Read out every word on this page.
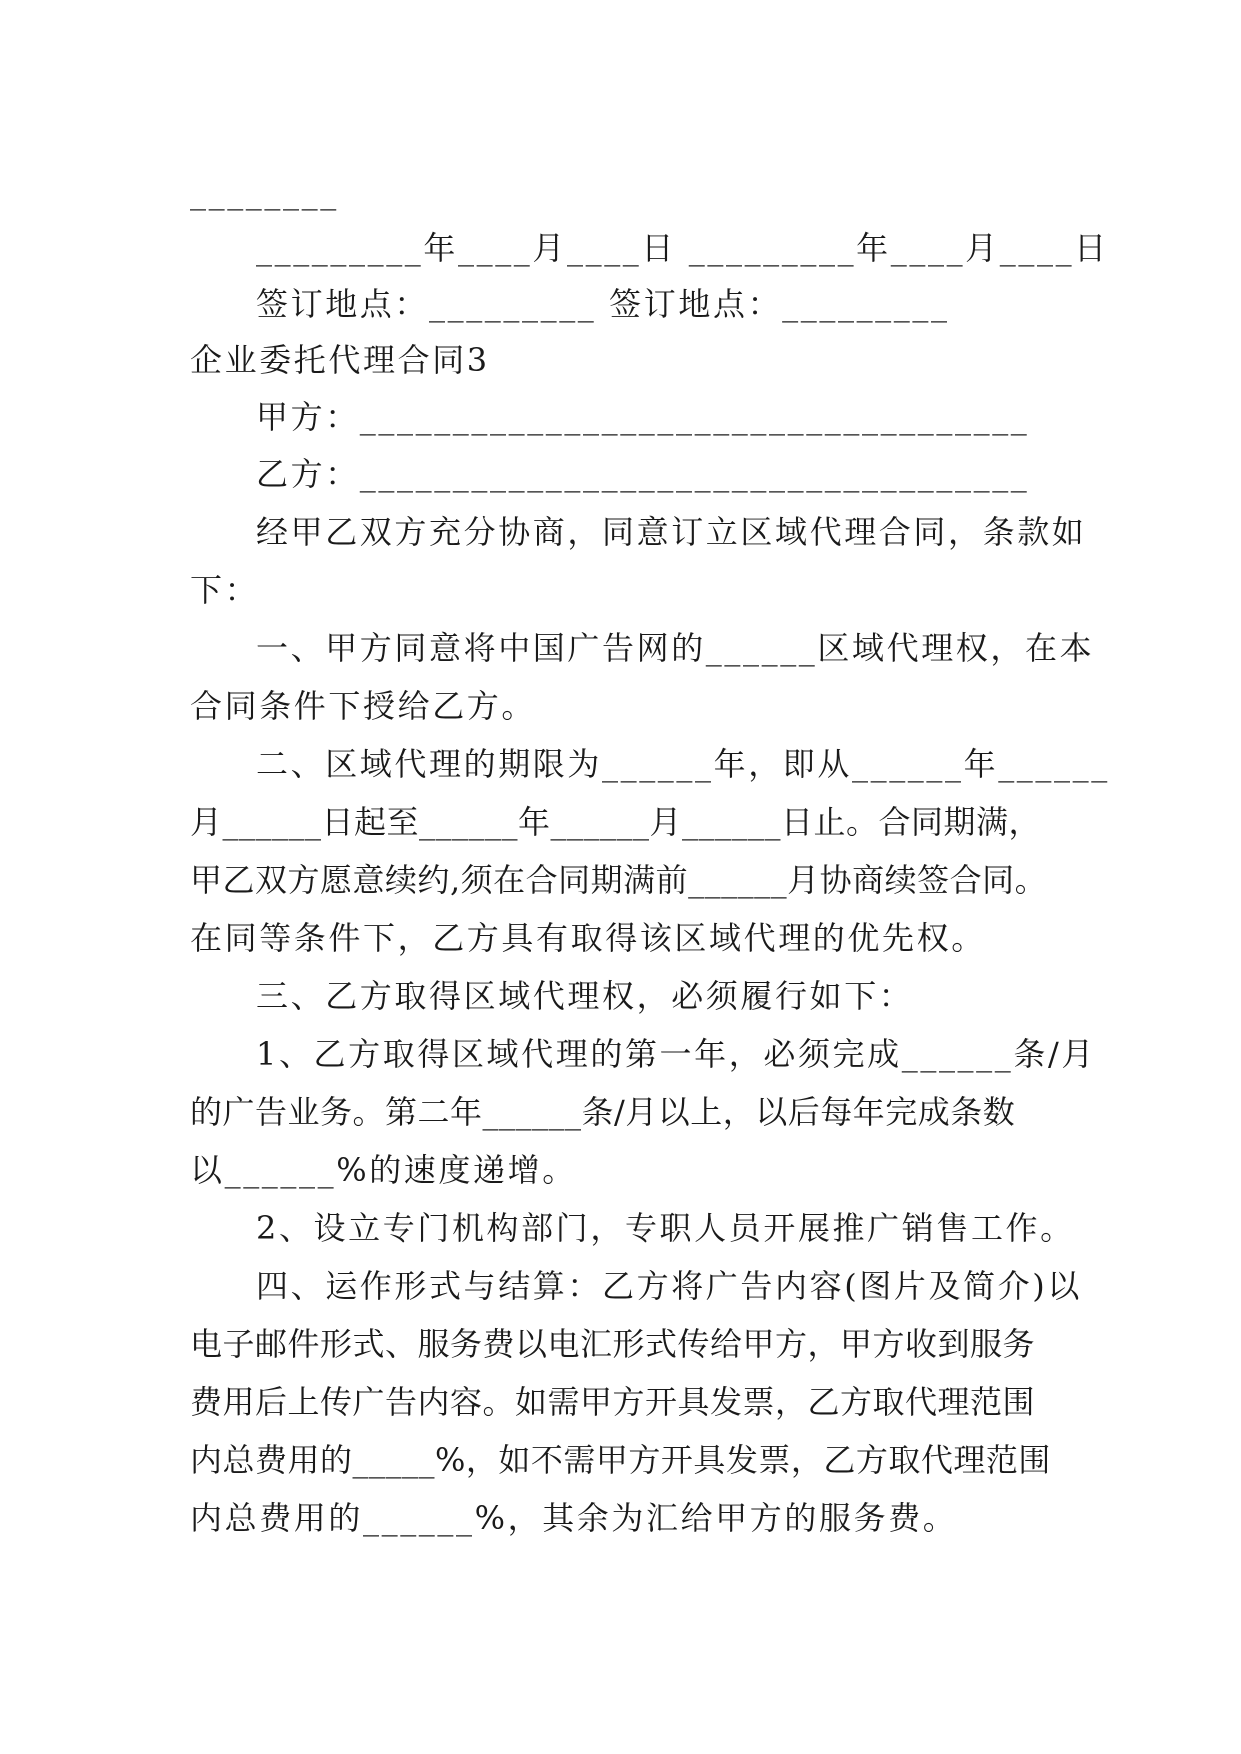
________
_________年____月____日 _________年____月____日
签订地点：_________ 签订地点：_________
企业委托代理合同3
甲方：____________________________________
乙方：____________________________________
经甲乙双方充分协商，同意订立区域代理合同，条款如
下：
一、甲方同意将中国广告网的______区域代理权，在本
合同条件下授给乙方。
二、区域代理的期限为______年，即从______年______
月______日起至______年______月______日止。合同期满，
甲乙双方愿意续约,须在合同期满前______月协商续签合同。
在同等条件下，乙方具有取得该区域代理的优先权。
三、乙方取得区域代理权，必须履行如下：
1、乙方取得区域代理的第一年，必须完成______条/月
的广告业务。第二年______条/月以上，以后每年完成条数
以______%的速度递增。
2、设立专门机构部门，专职人员开展推广销售工作。
四、运作形式与结算：乙方将广告内容(图片及简介)以
电子邮件形式、服务费以电汇形式传给甲方，甲方收到服务
费用后上传广告内容。如需甲方开具发票，乙方取代理范围
内总费用的_____%，如不需甲方开具发票，乙方取代理范围
内总费用的______%，其余为汇给甲方的服务费。
